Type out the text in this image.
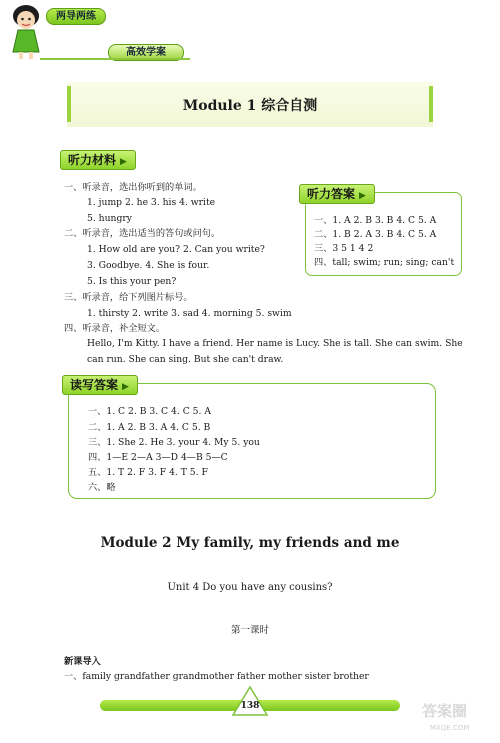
两导两练
高效学案
Module 1 综合自测
听力材料 ▶
一、听录音，选出你听到的单词。
1. jump 2. he 3. his 4. write
5. hungry
二、听录音，选出适当的答句或问句。
1. How old are you? 2. Can you write?
3. Goodbye. 4. She is four.
5. Is this your pen?
三、听录音，给下列图片标号。
1. thirsty 2. write 3. sad 4. morning 5. swim
四、听录音，补全短文。
Hello, I'm Kitty. I have a friend. Her name is Lucy. She is tall. She can swim. She can run. She can sing. But she can't draw.
听力答案 ▶
一、1. A 2. B 3. B 4. C 5. A
二、1. B 2. A 3. B 4. C 5. A
三、3 5 1 4 2
四、tall; swim; run; sing; can't
读写答案 ▶
一、1. C 2. B 3. C 4. C 5. A
二、1. A 2. B 3. A 4. C 5. B
三、1. She 2. He 3. your 4. My 5. you
四、1—E 2—A 3—D 4—B 5—C
五、1. T 2. F 3. F 4. T 5. F
六、略
Module 2 My family, my friends and me
Unit 4 Do you have any cousins?
第一课时
新课导入
一、family grandfather grandmother father mother sister brother
138	答案圈
MXQE.COM
